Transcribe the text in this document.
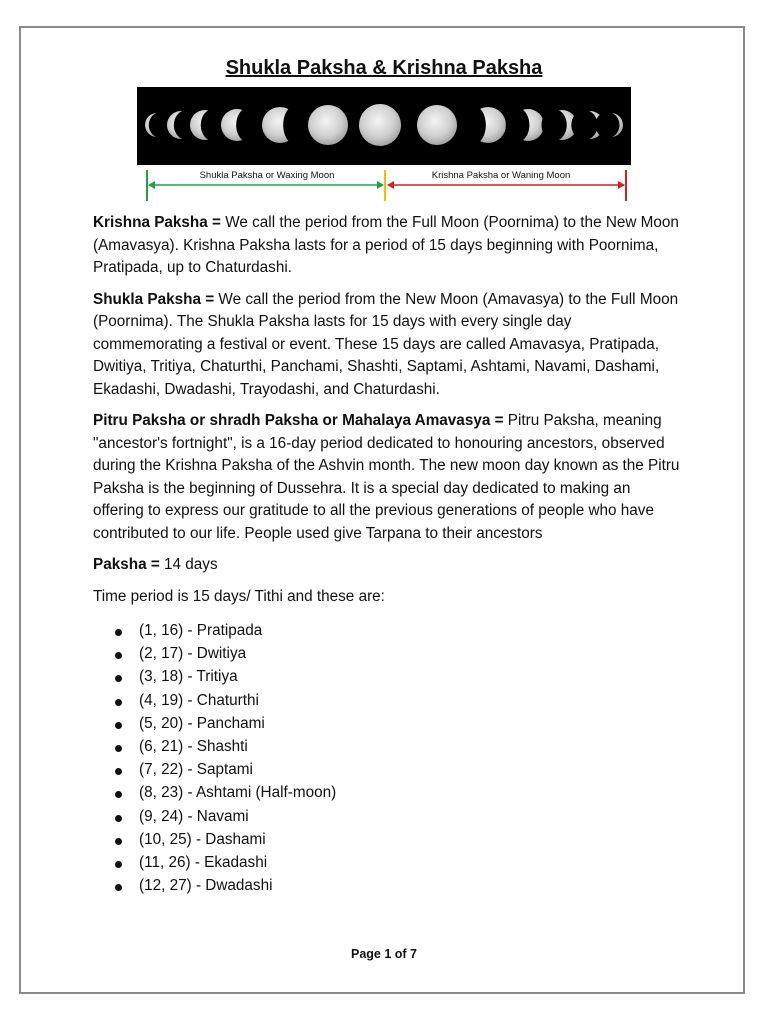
Shukla Paksha & Krishna Paksha
Shukla Paksha or Waxing Moon	Krishna Paksha or Waning Moon

Krishna Paksha = We call the period from the Full Moon (Poornima) to the New Moon (Amavasya). Krishna Paksha lasts for a period of 15 days beginning with Poornima, Pratipada, up to Chaturdashi.

Shukla Paksha = We call the period from the New Moon (Amavasya) to the Full Moon (Poornima). The Shukla Paksha lasts for 15 days with every single day commemorating a festival or event. These 15 days are called Amavasya, Pratipada, Dwitiya, Tritiya, Chaturthi, Panchami, Shashti, Saptami, Ashtami, Navami, Dashami, Ekadashi, Dwadashi, Trayodashi, and Chaturdashi.

Pitru Paksha or shradh Paksha or Mahalaya Amavasya = Pitru Paksha, meaning "ancestor's fortnight", is a 16-day period dedicated to honouring ancestors, observed during the Krishna Paksha of the Ashvin month. The new moon day known as the Pitru Paksha is the beginning of Dussehra. It is a special day dedicated to making an offering to express our gratitude to all the previous generations of people who have contributed to our life. People used give Tarpana to their ancestors

Paksha = 14 days

Time period is 15 days/ Tithi and these are:

(1, 16) - Pratipada
(2, 17) - Dwitiya
(3, 18) - Tritiya
(4, 19) - Chaturthi
(5, 20) - Panchami
(6, 21) - Shashti
(7, 22) - Saptami
(8, 23) - Ashtami (Half-moon)
(9, 24) - Navami
(10, 25) - Dashami
(11, 26) - Ekadashi
(12, 27) - Dwadashi
Page 1 of 7
